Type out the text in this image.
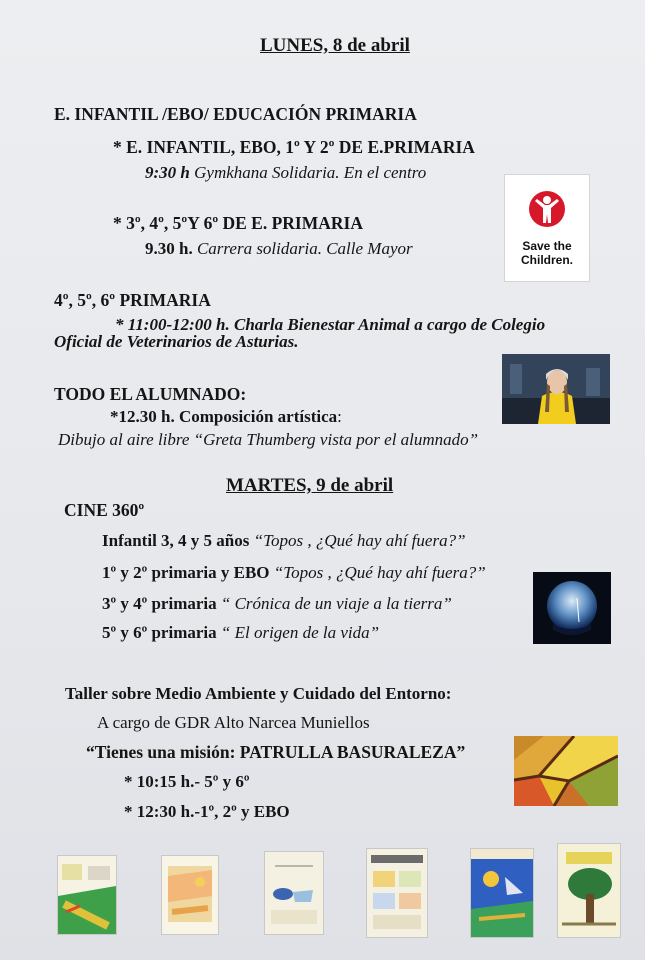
LUNES, 8 de abril
E. INFANTIL /EBO/ EDUCACIÓN PRIMARIA
* E. INFANTIL, EBO, 1º Y 2º DE E.PRIMARIA
9:30 h Gymkhana Solidaria. En el centro
* 3º, 4º, 5ºY 6º DE E. PRIMARIA
9.30 h. Carrera solidaria. Calle Mayor	Save the
Children.
4º, 5º, 6º PRIMARIA
* 11:00-12:00 h. Charla Bienestar Animal a cargo de Colegio
Oficial de Veterinarios de Asturias.
TODO EL ALUMNADO:
*12.30 h. Composición artística:
Dibujo al aire libre “Greta Thumberg vista por el alumnado”
MARTES, 9 de abril
CINE 360º
Infantil 3, 4 y 5 años “Topos , ¿Qué hay ahí fuera?”
1º y 2º primaria y EBO “Topos , ¿Qué hay ahí fuera?”
3º y 4º primaria “ Crónica de un viaje a la tierra”
5º y 6º primaria “ El origen de la vida”
Taller sobre Medio Ambiente y Cuidado del Entorno:
A cargo de GDR Alto Narcea Muniellos
“Tienes una misión: PATRULLA BASURALEZA”
* 10:15 h.- 5º y 6º
* 12:30 h.-1º, 2º y EBO
